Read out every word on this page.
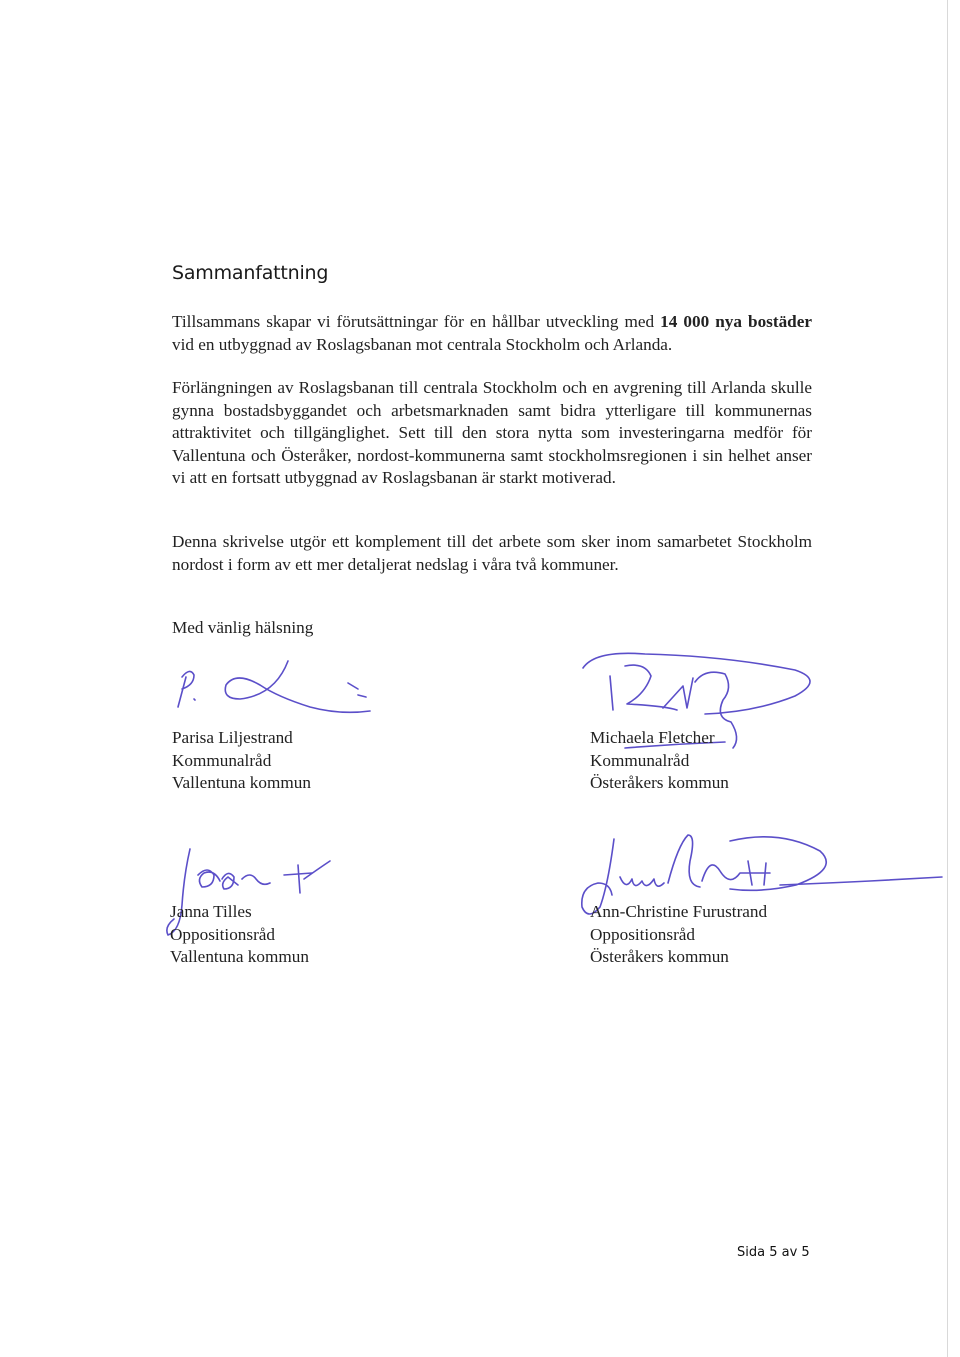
Sammanfattning

Tillsammans skapar vi förutsättningar för en hållbar utveckling med 14 000 nya bostäder vid en utbyggnad av Roslagsbanan mot centrala Stockholm och Arlanda.

Förlängningen av Roslagsbanan till centrala Stockholm och en avgrening till Arlanda skulle gynna bostadsbyggandet och arbetsmarknaden samt bidra ytterligare till kommunernas attraktivitet och tillgänglighet. Sett till den stora nytta som investeringarna medför för Vallentuna och Österåker, nordost-kommunerna samt stockholmsregionen i sin helhet anser vi att en fortsatt utbyggnad av Roslagsbanan är starkt motiverad.

Denna skrivelse utgör ett komplement till det arbete som sker inom samarbetet Stockholm nordost i form av ett mer detaljerat nedslag i våra två kommuner.

Med vänlig hälsning

Parisa Liljestrand
Kommunalråd
Vallentuna kommun
Michaela Fletcher
Kommunalråd
Österåkers kommun
Janna Tilles
Oppositionsråd
Vallentuna kommun
Ann-Christine Furustrand
Oppositionsråd
Österåkers kommun
Sida 5 av 5
